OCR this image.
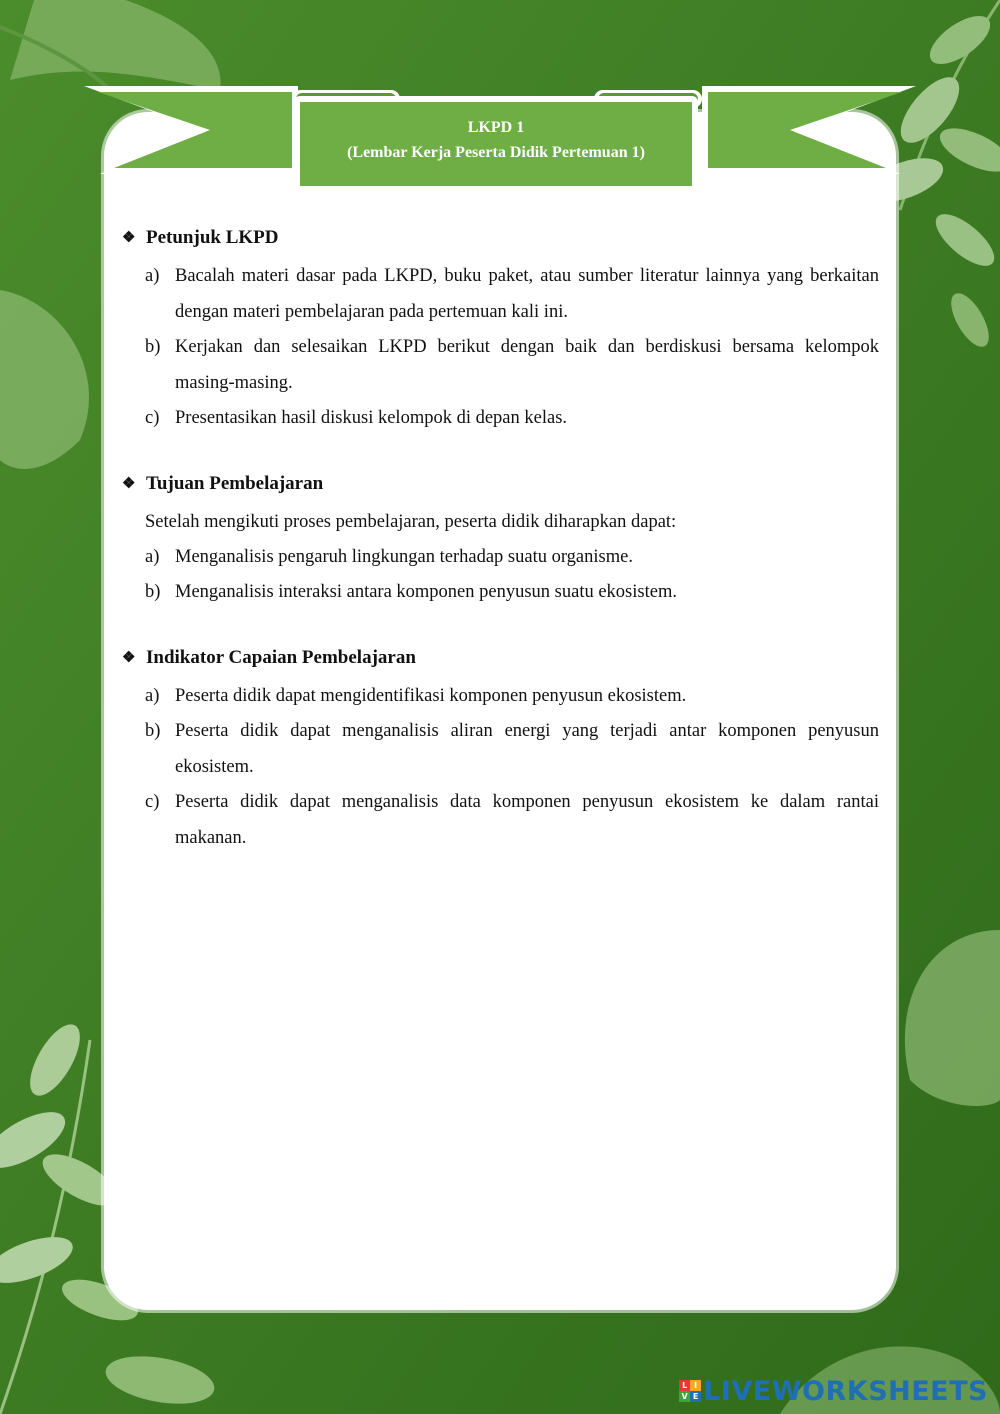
LKPD 1
(Lembar Kerja Peserta Didik Pertemuan 1)
❖ Petunjuk LKPD
a) Bacalah materi dasar pada LKPD, buku paket, atau sumber literatur lainnya yang berkaitan dengan materi pembelajaran pada pertemuan kali ini.
b) Kerjakan dan selesaikan LKPD berikut dengan baik dan berdiskusi bersama kelompok masing-masing.
c) Presentasikan hasil diskusi kelompok di depan kelas.
❖ Tujuan Pembelajaran
Setelah mengikuti proses pembelajaran, peserta didik diharapkan dapat:
a) Menganalisis pengaruh lingkungan terhadap suatu organisme.
b) Menganalisis interaksi antara komponen penyusun suatu ekosistem.
❖ Indikator Capaian Pembelajaran
a) Peserta didik dapat mengidentifikasi komponen penyusun ekosistem.
b) Peserta didik dapat menganalisis aliran energi yang terjadi antar komponen penyusun ekosistem.
c) Peserta didik dapat menganalisis data komponen penyusun ekosistem ke dalam rantai makanan.
L I
V E LIVEWORKSHEETS
